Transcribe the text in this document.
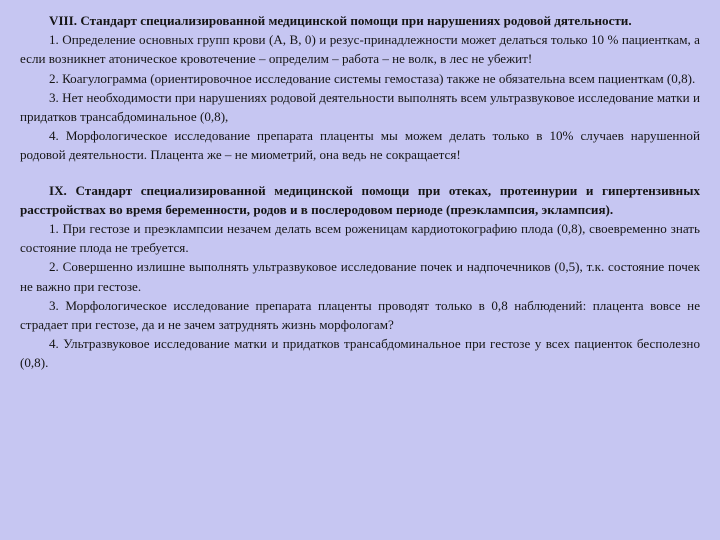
VIII. Стандарт специализированной медицинской помощи при нарушениях родовой дятельности.

1. Определение основных групп крови (А, В, 0) и резус-принадлежности может делаться только 10 % пациенткам, а если возникнет атоническое кровотечение – определим – работа – не волк, в лес не убежит!

2. Коагулограмма (ориентировочное исследование системы гемостаза) также не обязательна всем пациенткам (0,8).

3. Нет необходимости при нарушениях родовой деятельности выполнять всем ультразвуковое исследование матки и придатков трансабдоминальное (0,8),

4. Морфологическое исследование препарата плаценты мы можем делать только в 10% случаев нарушенной родовой деятельности. Плацента же – не миометрий, она ведь не сокращается!

IX. Стандарт специализированной медицинской помощи при отеках, протеинурии и гипертензивных расстройствах во время беременности, родов и в послеродовом периоде (преэклампсия, эклампсия).

1. При гестозе и преэклампсии незачем делать всем роженицам кардиотокографию плода (0,8), своевременно знать состояние плода не требуется.

2. Совершенно излишне выполнять ультразвуковое исследование почек и надпочечников (0,5), т.к. состояние почек не важно при гестозе.

3. Морфологическое исследование препарата плаценты проводят только в 0,8 наблюдений: плацента вовсе не страдает при гестозе, да и не зачем затруднять жизнь морфологам?

4. Ультразвуковое исследование матки и придатков трансабдоминальное при гестозе у всех пациенток бесполезно (0,8).
